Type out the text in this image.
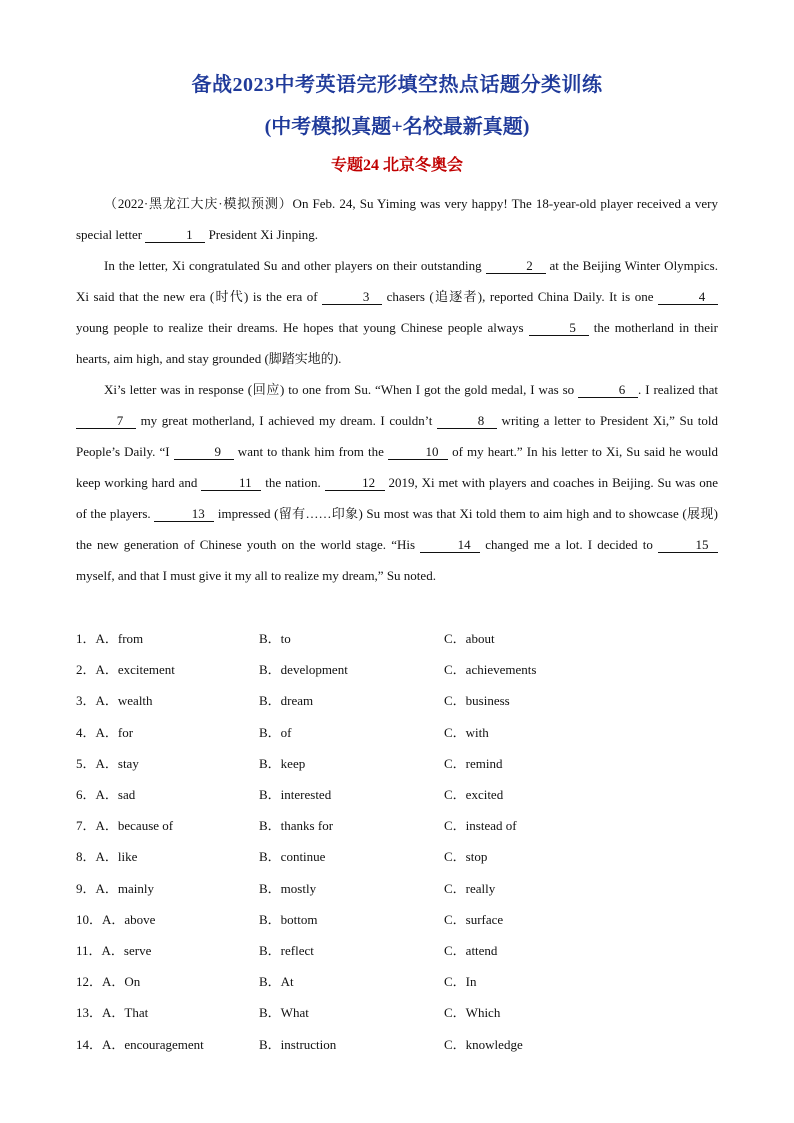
备战2023中考英语完形填空热点话题分类训练
(中考模拟真题+名校最新真题)
专题24 北京冬奥会

（2022·黑龙江大庆·模拟预测）On Feb. 24, Su Yiming was very happy! The 18-year-old player received a very special letter	1 President Xi Jinping.

In the letter, Xi congratulated Su and other players on their outstanding	2 at the Beijing Winter Olympics. Xi said that the new era (时代) is the era of	3 chasers (追逐者), reported China Daily. It is one	4 young people to realize their dreams. He hopes that young Chinese people always	5 the motherland in their hearts, aim high, and stay grounded (脚踏实地的).

Xi’s letter was in response (回应) to one from Su. “When I got the gold medal, I was so	6 . I realized that 7 my great motherland, I achieved my dream. I couldn’t	8 writing a letter to President Xi,” Su told People’s Daily. “I	9 want to thank him from the	10 of my heart.” In his letter to Xi, Su said he would keep working hard and	11 the nation.	12 2019, Xi met with players and coaches in Beijing. Su was one of the players.	13 impressed (留有……印象) Su most was that Xi told them to aim high and to showcase (展现) the new generation of Chinese youth on the world stage. “His	14 changed me a lot. I decided to	15 myself, and that I must give it my all to realize my dream,” Su noted.

1．A．from	B．to	C．about
2．A．excitement	B．development	C．achievements
3．A．wealth	B．dream	C．business
4．A．for	B．of	C．with
5．A．stay	B．keep	C．remind
6．A．sad	B．interested	C．excited
7．A．because of	B．thanks for	C．instead of
8．A．like	B．continue	C．stop
9．A．mainly	B．mostly	C．really
10．A．above	B．bottom	C．surface
11．A．serve	B．reflect	C．attend
12．A．On	B．At	C．In
13．A．That	B．What	C．Which
14．A．encouragement	B．instruction	C．knowledge
